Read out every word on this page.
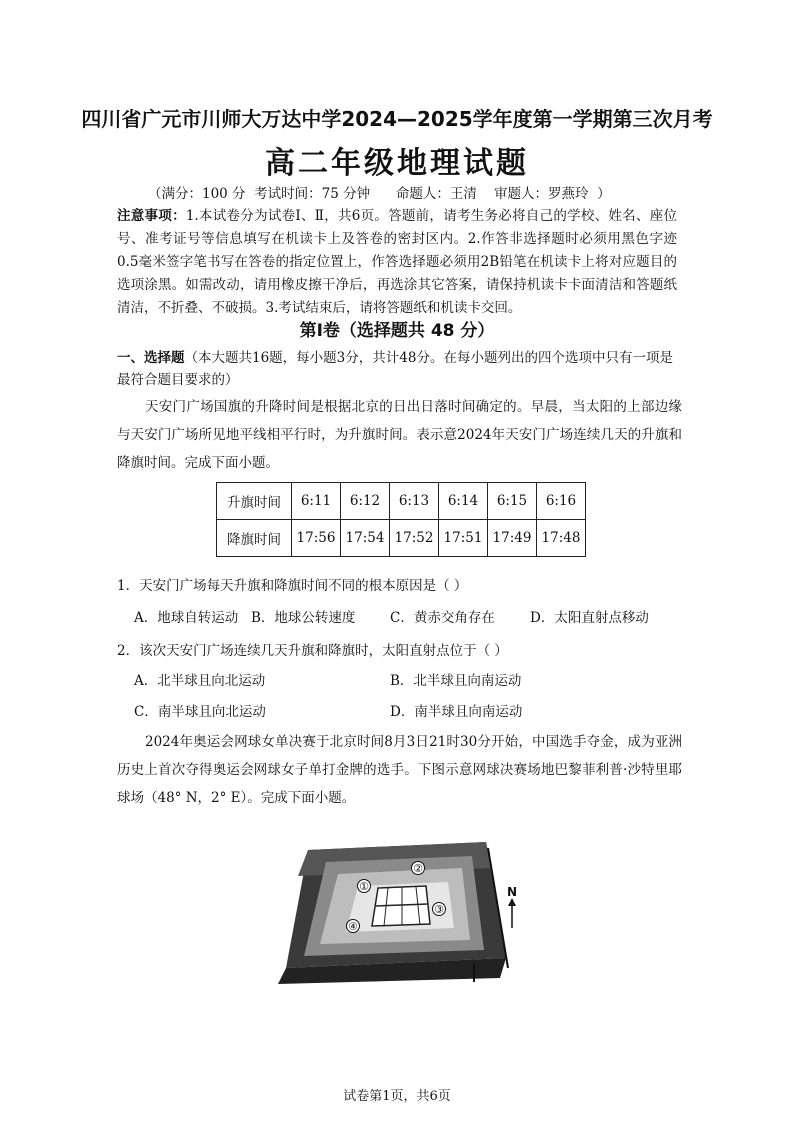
四川省广元市川师大万达中学2024—2025学年度第一学期第三次月考
高二年级地理试题
（满分：100 分  考试时间：75 分钟      命题人：王清    审题人：罗燕玲  ）
注意事项：1.本试卷分为试卷Ⅰ、Ⅱ，共6页。答题前，请考生务必将自己的学校、姓名、座位号、准考证号等信息填写在机读卡上及答卷的密封区内。2.作答非选择题时必须用黑色字迹0.5毫米签字笔书写在答卷的指定位置上，作答选择题必须用2B铅笔在机读卡上将对应题目的选项涂黑。如需改动，请用橡皮擦干净后，再选涂其它答案，请保持机读卡卡面清洁和答题纸清洁，不折叠、不破损。3.考试结束后，请将答题纸和机读卡交回。
第Ⅰ卷（选择题共 48 分）
一、选择题（本大题共16题，每小题3分，共计48分。在每小题列出的四个选项中只有一项是最符合题目要求的）
天安门广场国旗的升降时间是根据北京的日出日落时间确定的。早晨，当太阳的上部边缘与天安门广场所见地平线相平行时，为升旗时间。表示意2024年天安门广场连续几天的升旗和降旗时间。完成下面小题。
升旗时间	6:11	6:12	6:13	6:14	6:15	6:16
降旗时间	17:56	17:54	17:52	17:51	17:49	17:48
1．天安门广场每天升旗和降旗时间不同的根本原因是（ ）
A．地球自转运动 B．地球公转速度	C．黄赤交角存在	D．太阳直射点移动
2．该次天安门广场连续几天升旗和降旗时，太阳直射点位于（ ）
A．北半球且向北运动	B．北半球且向南运动
C．南半球且向北运动	D．南半球且向南运动
2024年奥运会网球女单决赛于北京时间8月3日21时30分开始，中国选手夺金，成为亚洲历史上首次夺得奥运会网球女子单打金牌的选手。下图示意网球决赛场地巴黎菲利普·沙特里耶球场（48° N，2° E）。完成下面小题。
①
②
③
④
N
试卷第1页，共6页
